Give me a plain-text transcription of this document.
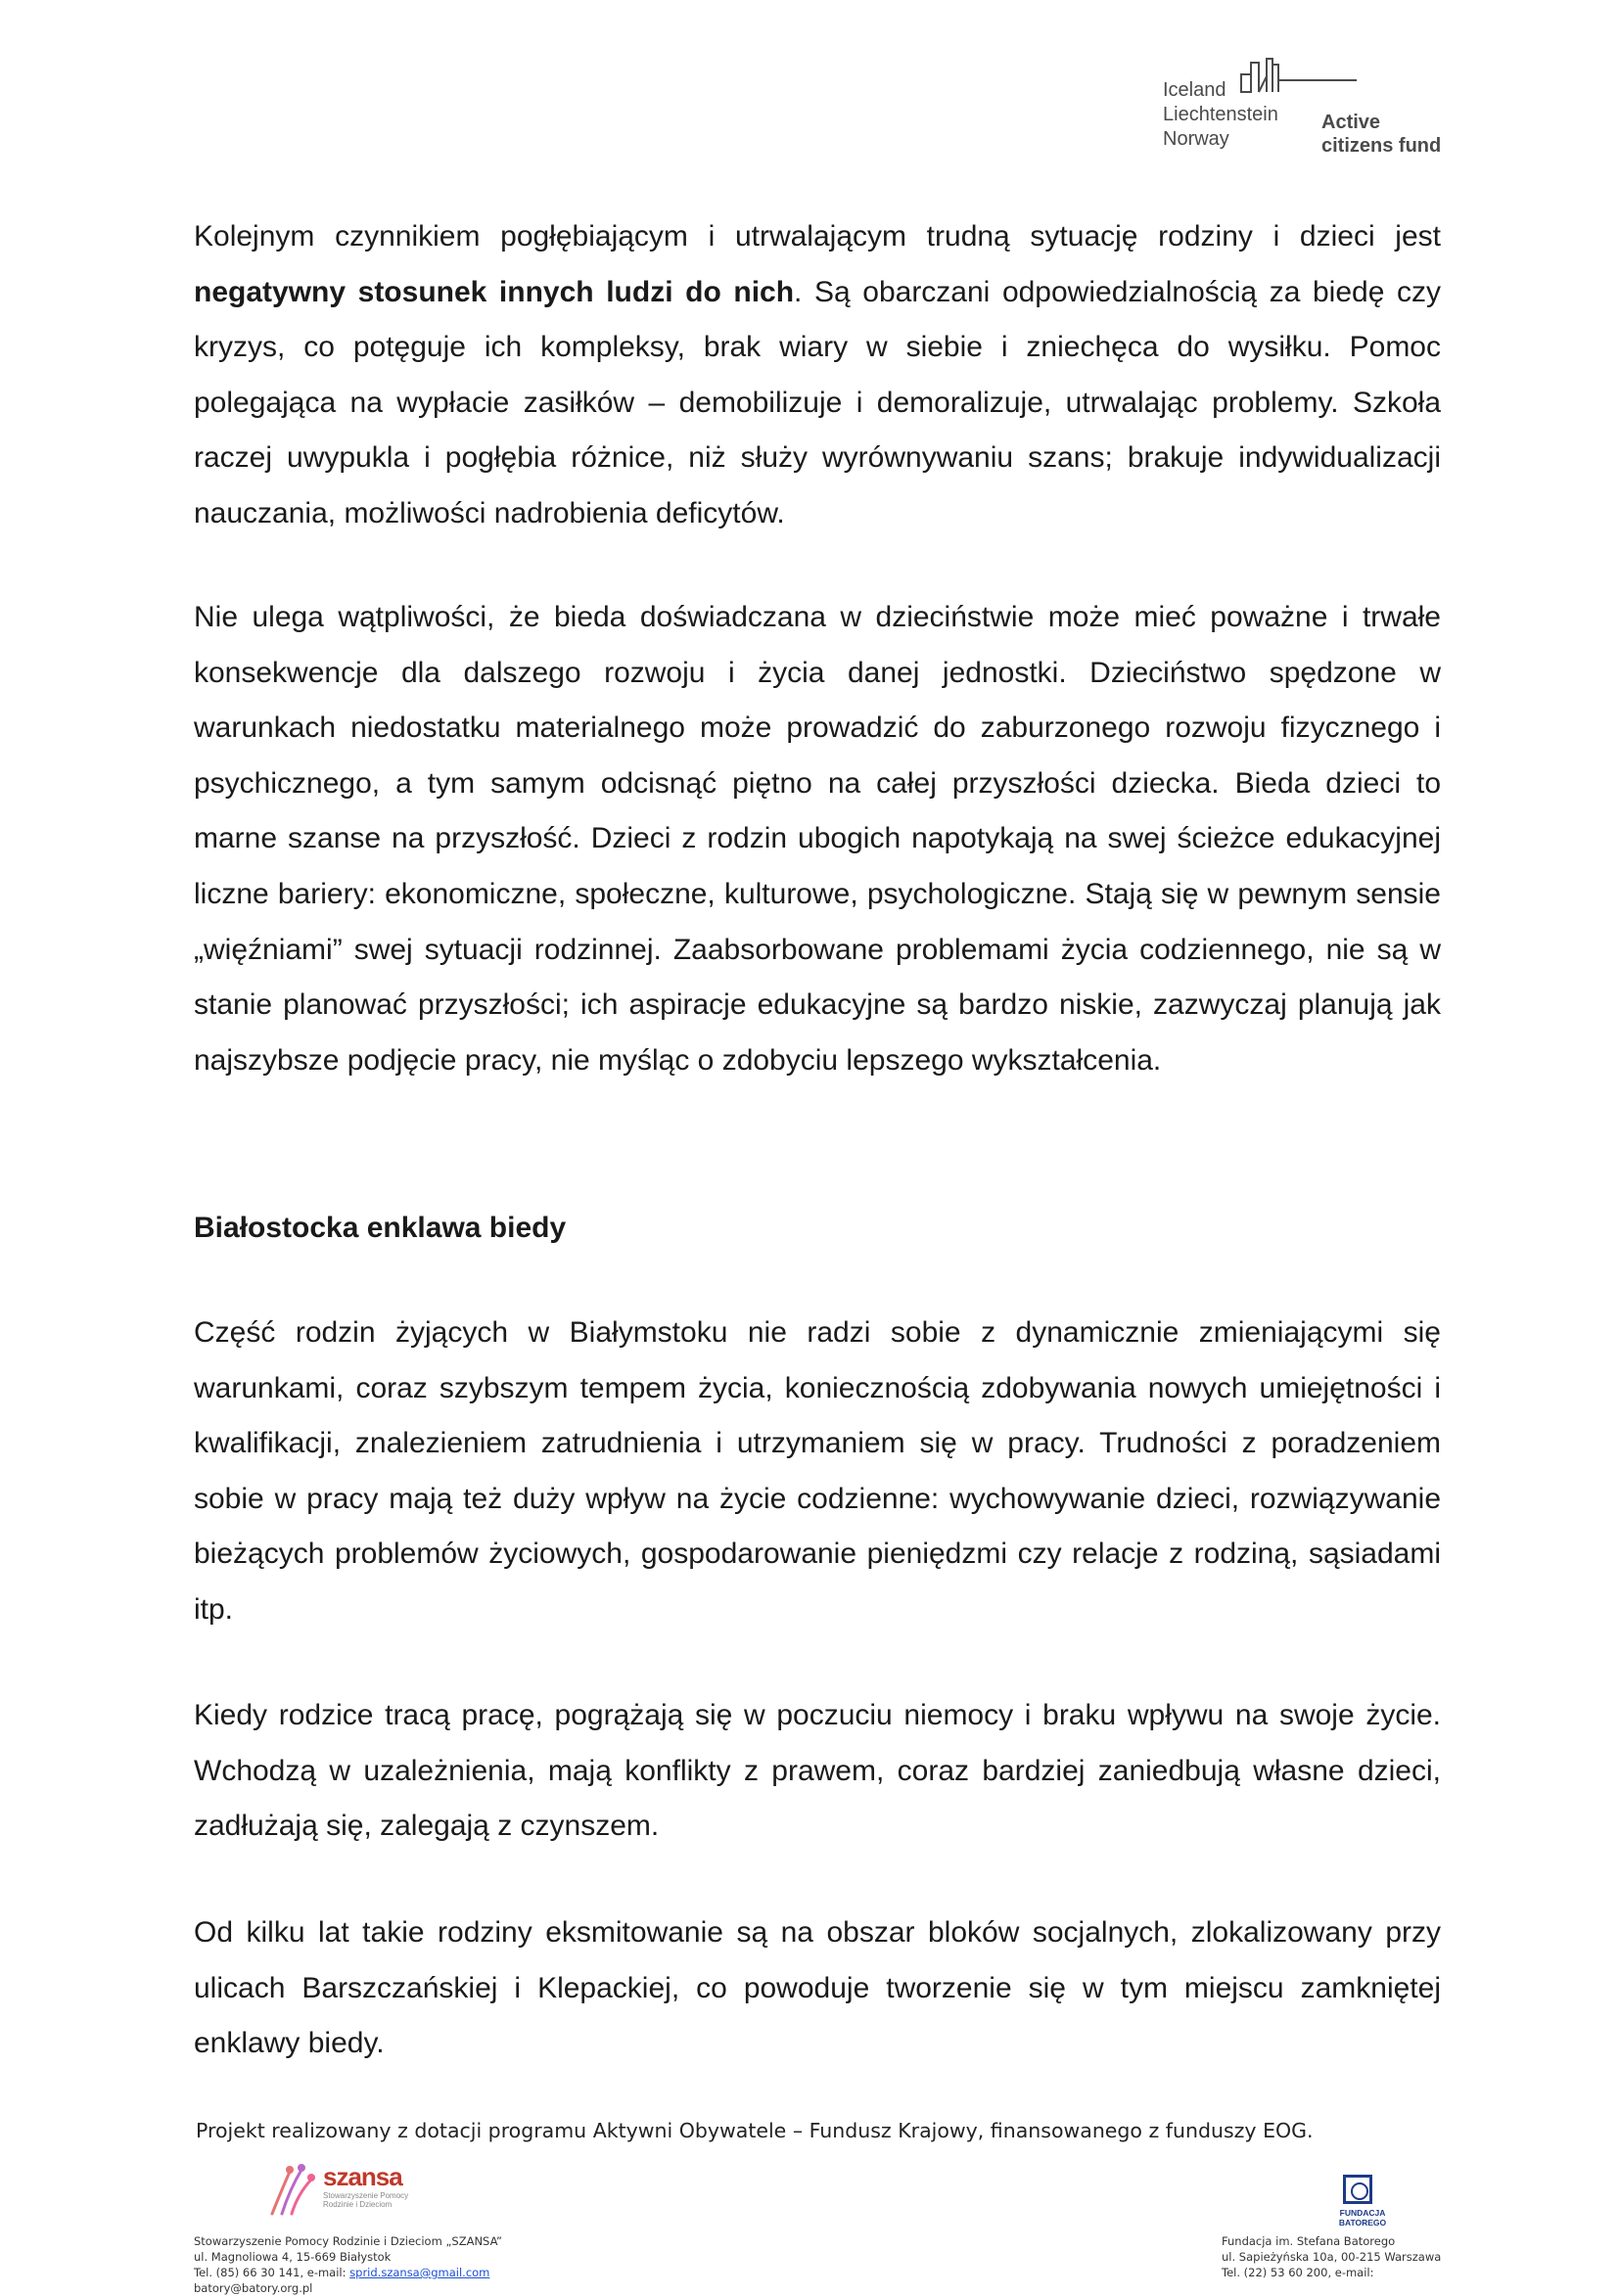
Iceland
Liechtenstein
Norway
Active
citizens fund

Kolejnym czynnikiem pogłębiającym i utrwalającym trudną sytuację rodziny i dzieci jest negatywny stosunek innych ludzi do nich. Są obarczani odpowiedzialnością za biedę czy kryzys, co potęguje ich kompleksy, brak wiary w siebie i zniechęca do wysiłku. Pomoc polegająca na wypłacie zasiłków – demobilizuje i demoralizuje, utrwalając problemy. Szkoła raczej uwypukla i pogłębia różnice, niż służy wyrównywaniu szans; brakuje indywidualizacji nauczania, możliwości nadrobienia deficytów.

Nie ulega wątpliwości, że bieda doświadczana w dzieciństwie może mieć poważne i trwałe konsekwencje dla dalszego rozwoju i życia danej jednostki. Dzieciństwo spędzone w warunkach niedostatku materialnego może prowadzić do zaburzonego rozwoju fizycznego i psychicznego, a tym samym odcisnąć piętno na całej przyszłości dziecka. Bieda dzieci to marne szanse na przyszłość. Dzieci z rodzin ubogich napotykają na swej ścieżce edukacyjnej liczne bariery: ekonomiczne, społeczne, kulturowe, psychologiczne. Stają się w pewnym sensie „więźniami” swej sytuacji rodzinnej. Zaabsorbowane problemami życia codziennego, nie są w stanie planować przyszłości; ich aspiracje edukacyjne są bardzo niskie, zazwyczaj planują jak najszybsze podjęcie pracy, nie myśląc o zdobyciu lepszego wykształcenia.

Białostocka enklawa biedy

Część rodzin żyjących w Białymstoku nie radzi sobie z dynamicznie zmieniającymi się warunkami, coraz szybszym tempem życia, koniecznością zdobywania nowych umiejętności i kwalifikacji, znalezieniem zatrudnienia i utrzymaniem się w pracy. Trudności z poradzeniem sobie w pracy mają też duży wpływ na życie codzienne: wychowywanie dzieci, rozwiązywanie bieżących problemów życiowych, gospodarowanie pieniędzmi czy relacje z rodziną, sąsiadami itp.

Kiedy rodzice tracą pracę, pogrążają się w poczuciu niemocy i braku wpływu na swoje życie. Wchodzą w uzależnienia, mają konflikty z prawem, coraz bardziej zaniedbują własne dzieci, zadłużają się, zalegają z czynszem.

Od kilku lat takie rodziny eksmitowanie są na obszar bloków socjalnych, zlokalizowany przy ulicach Barszczańskiej i Klepackiej, co powoduje tworzenie się w tym miejscu zamkniętej enklawy biedy.

Projekt realizowany z dotacji programu Aktywni Obywatele – Fundusz Krajowy, finansowanego z funduszy EOG.

szansa
Stowarzyszenie Pomocy Rodzinie i Dzieciom
FUNDACJA
BATOREGO
Stowarzyszenie Pomocy Rodzinie i Dzieciom „SZANSA”
ul. Magnoliowa 4, 15-669 Białystok
Tel. (85) 66 30 141, e-mail: sprid.szansa@gmail.com
batory@batory.org.pl
Fundacja im. Stefana Batorego
ul. Sapieżyńska 10a, 00-215 Warszawa
Tel. (22) 53 60 200, e-mail:
